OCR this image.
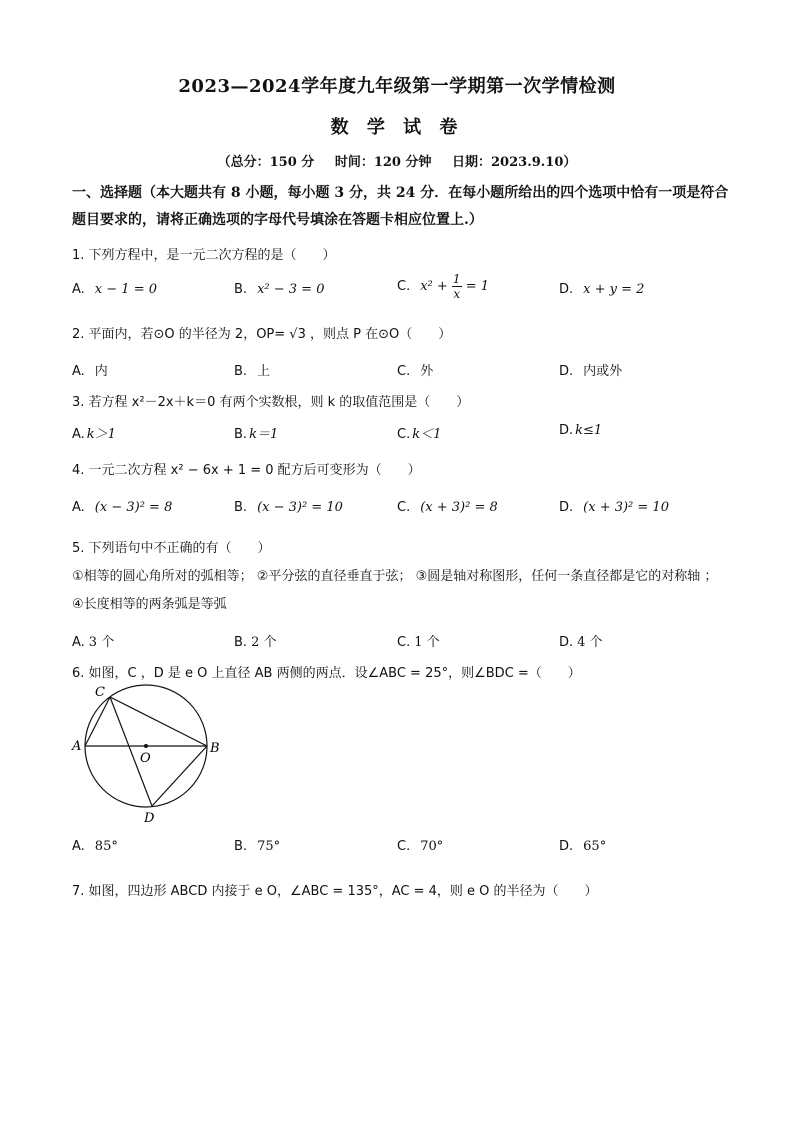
2023—2024学年度九年级第一学期第一次学情检测
数 学 试 卷
（总分：150 分 时间：120 分钟 日期：2023.9.10）
一、选择题（本大题共有 8 小题，每小题 3 分，共 24 分．在每小题所给出的四个选项中恰有一项是符合题目要求的，请将正确选项的字母代号填涂在答题卡相应位置上.）
1. 下列方程中，是一元二次方程的是（　　）
A. x − 1 = 0	B. x² − 3 = 0	C. $x^2 + \frac{1}{x} = 1$	D. x + y = 2
2. 平面内，若⊙O 的半径为 2，OP= √3 ，则点 P 在⊙O（　　）
A. 内	B. 上	C. 外	D. 内或外
3. 若方程 x²－2x＋k＝0 有两个实数根，则 k 的取值范围是（　　）
A. k＞1	B. k＝1	C. k＜1	D. k≤1
4. 一元二次方程 x² − 6x + 1 = 0 配方后可变形为（　　）
A. (x − 3)² = 8	B. (x − 3)² = 10	C. (x + 3)² = 8	D. (x + 3)² = 10
5. 下列语句中不正确的有（　　）
①相等的圆心角所对的弧相等； ②平分弦的直径垂直于弦； ③圆是轴对称图形，任何一条直径都是它的对称轴 ； ④长度相等的两条弧是等弧
A. 3 个	B. 2 个	C. 1 个	D. 4 个
6. 如图，C ，D 是 e O 上直径 AB 两侧的两点．设∠ABC = 25°，则∠BDC =（　　）
C
A	B
O
D
A. 85°	B. 75°	C. 70°	D. 65°
7. 如图，四边形 ABCD 内接于 e O，∠ABC = 135°，AC = 4，则 e O 的半径为（　　）
